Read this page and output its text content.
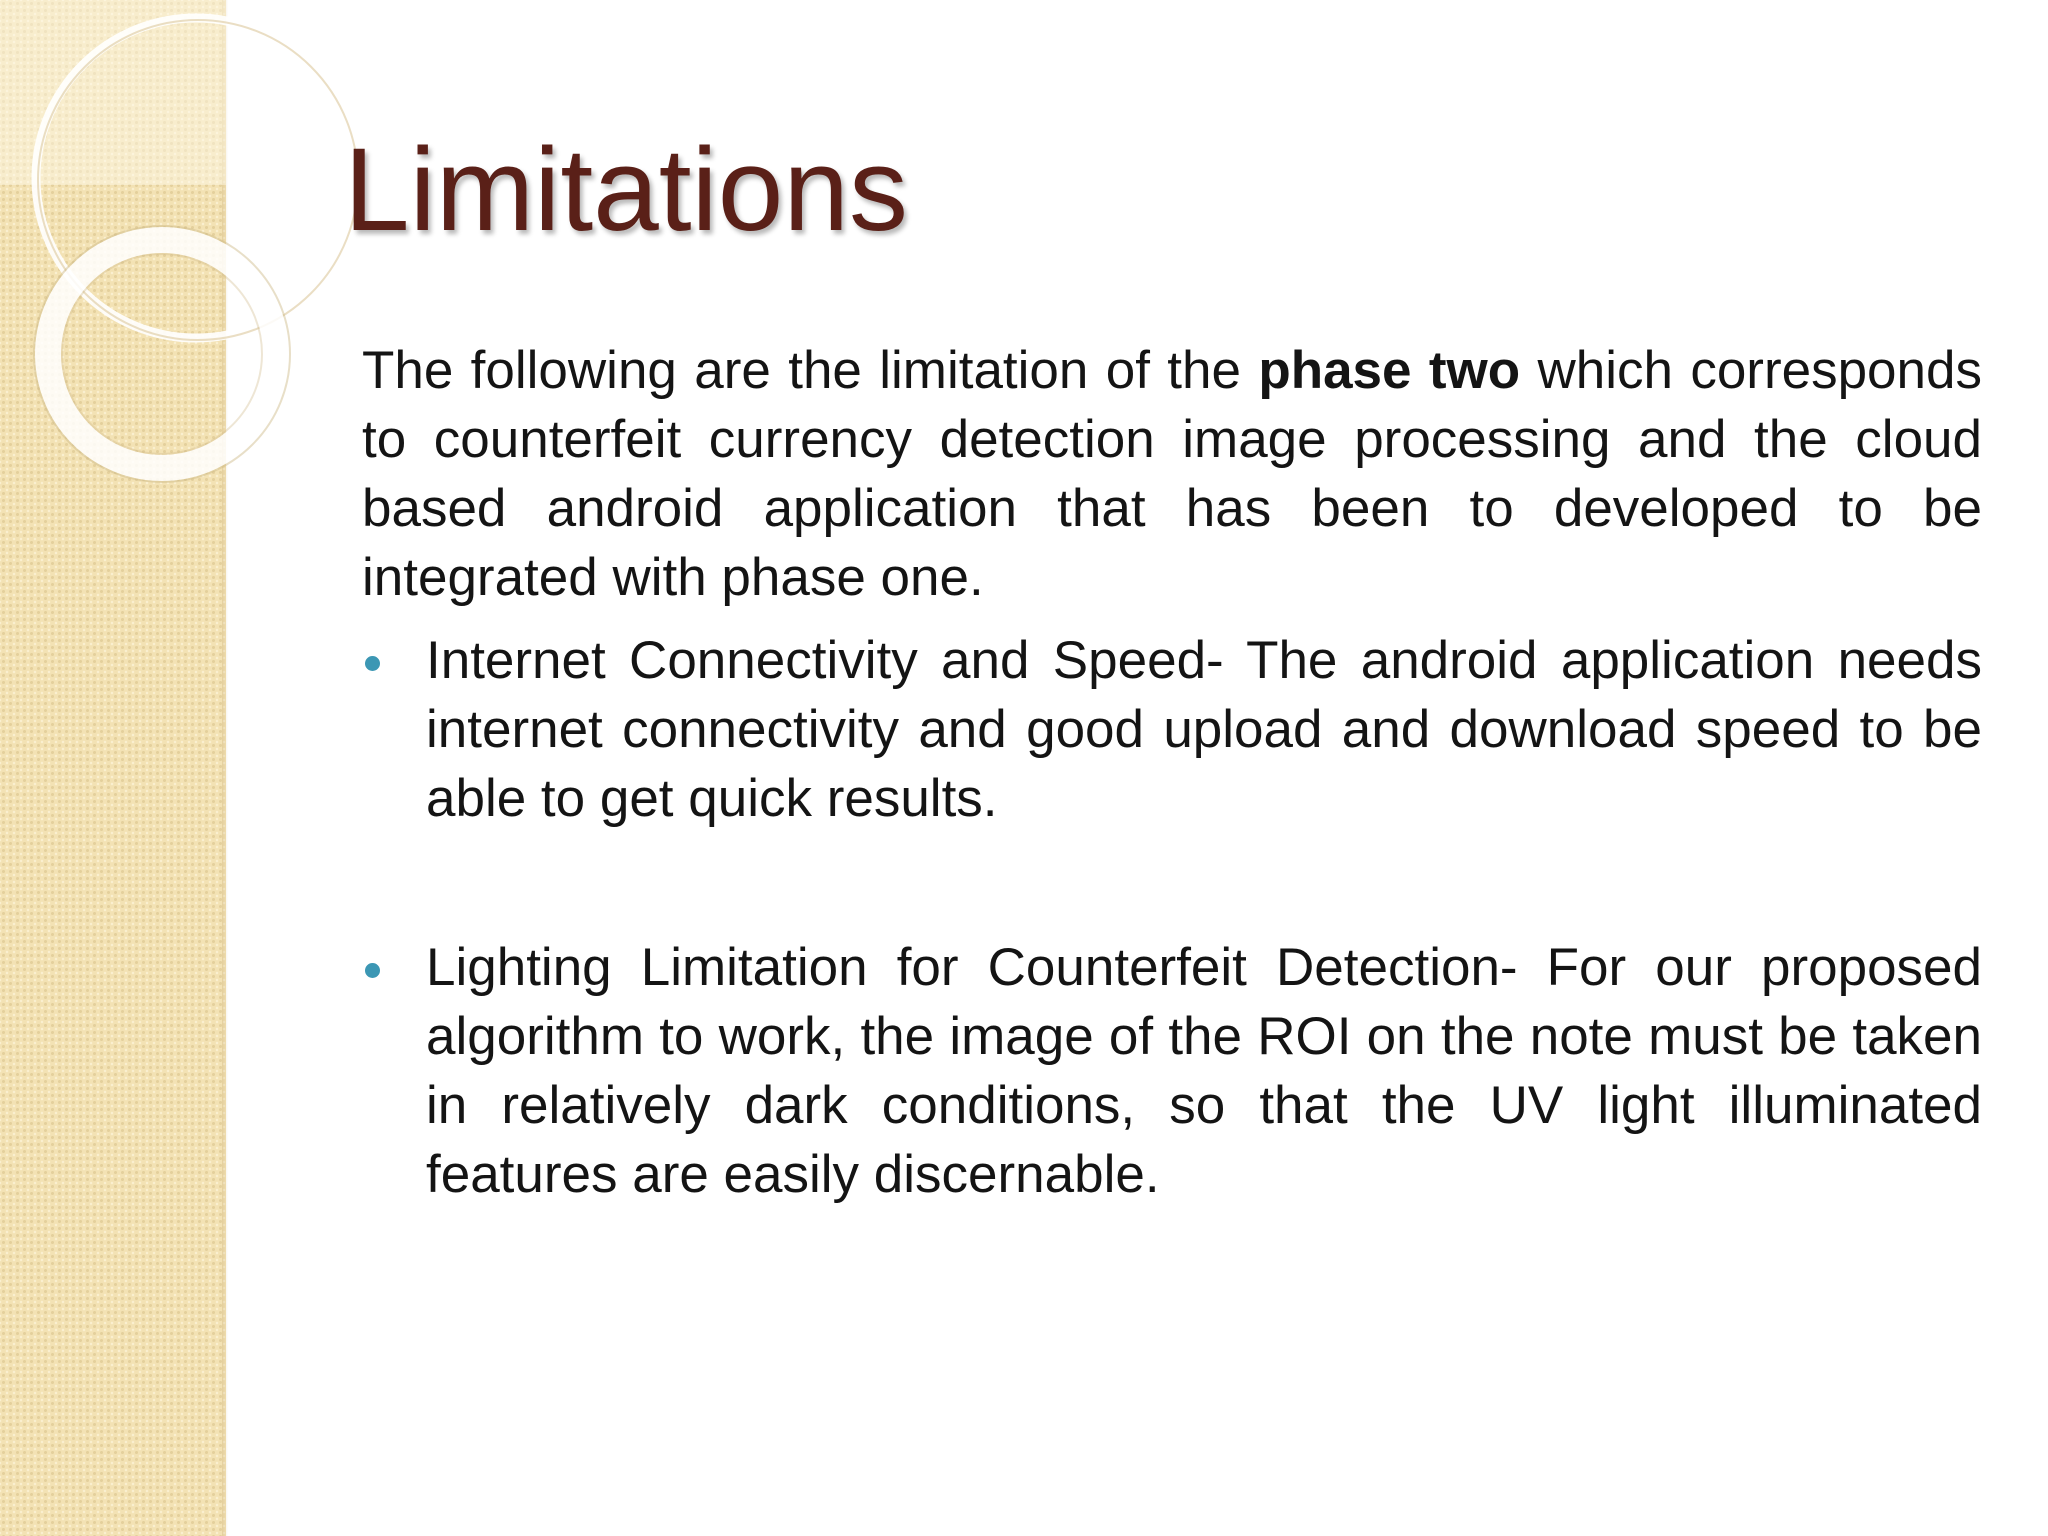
Limitations

The following are the limitation of the phase two which corresponds to counterfeit currency detection image processing and the cloud based android application that has been to developed to be integrated with phase one.

Internet Connectivity and Speed- The android application needs internet connectivity and good upload and download speed to be able to get quick results.
Lighting Limitation for Counterfeit Detection- For our proposed algorithm to work, the image of the ROI on the note must be taken in relatively dark conditions, so that the UV light illuminated features are easily discernable.
